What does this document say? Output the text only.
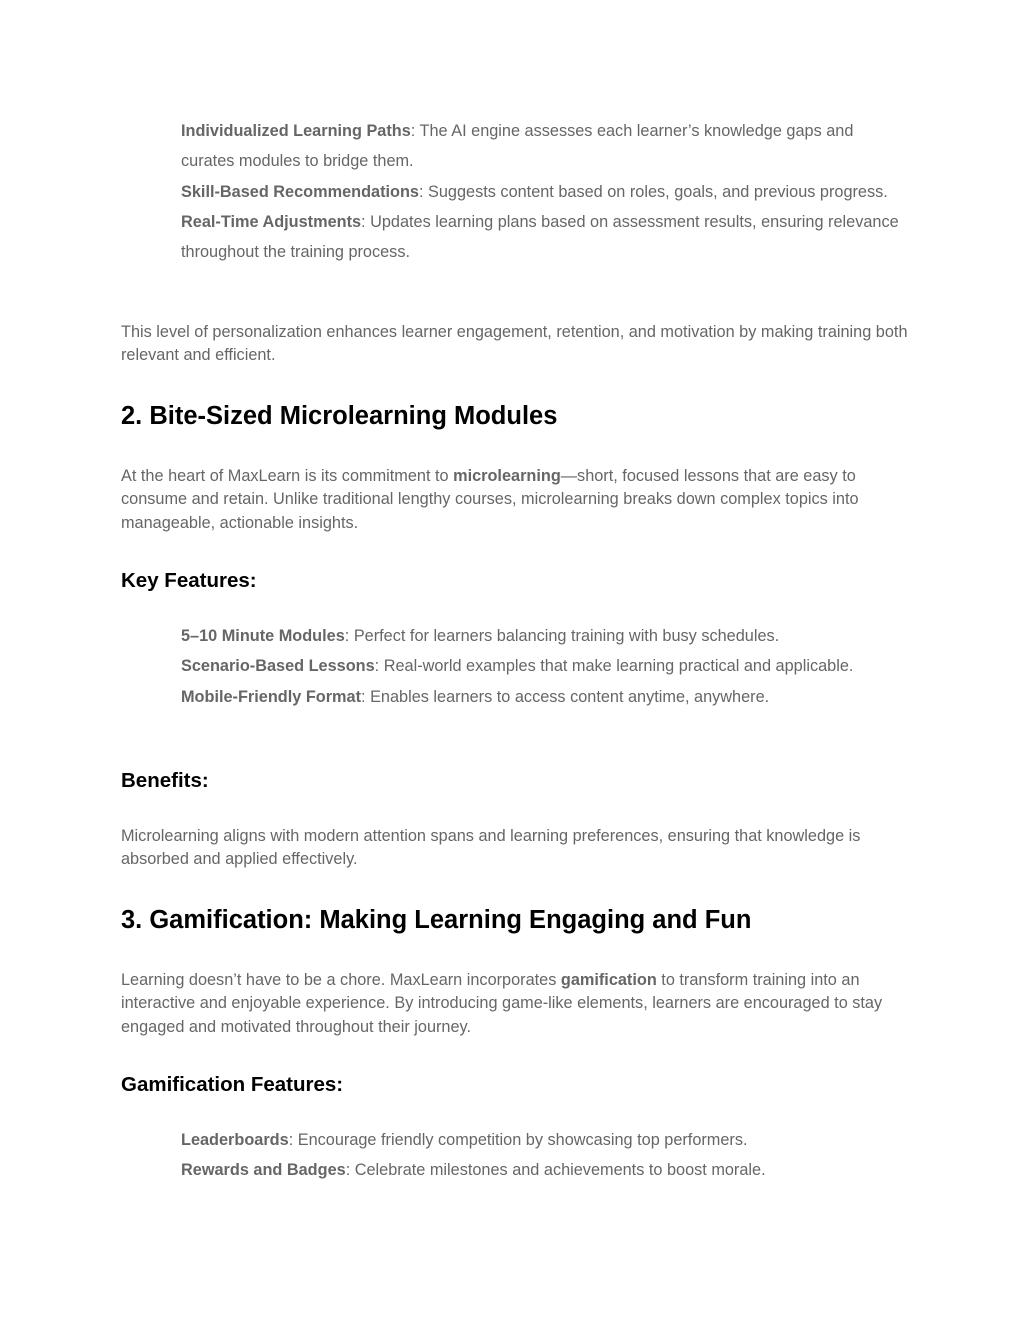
Individualized Learning Paths: The AI engine assesses each learner’s knowledge gaps and curates modules to bridge them.
Skill-Based Recommendations: Suggests content based on roles, goals, and previous progress.
Real-Time Adjustments: Updates learning plans based on assessment results, ensuring relevance throughout the training process.

This level of personalization enhances learner engagement, retention, and motivation by making training both relevant and efficient.

2. Bite-Sized Microlearning Modules

At the heart of MaxLearn is its commitment to microlearning—short, focused lessons that are easy to consume and retain. Unlike traditional lengthy courses, microlearning breaks down complex topics into manageable, actionable insights.

Key Features:
5–10 Minute Modules: Perfect for learners balancing training with busy schedules.
Scenario-Based Lessons: Real-world examples that make learning practical and applicable.
Mobile-Friendly Format: Enables learners to access content anytime, anywhere.
Benefits:

Microlearning aligns with modern attention spans and learning preferences, ensuring that knowledge is absorbed and applied effectively.

3. Gamification: Making Learning Engaging and Fun

Learning doesn’t have to be a chore. MaxLearn incorporates gamification to transform training into an interactive and enjoyable experience. By introducing game-like elements, learners are encouraged to stay engaged and motivated throughout their journey.

Gamification Features:
Leaderboards: Encourage friendly competition by showcasing top performers.
Rewards and Badges: Celebrate milestones and achievements to boost morale.
